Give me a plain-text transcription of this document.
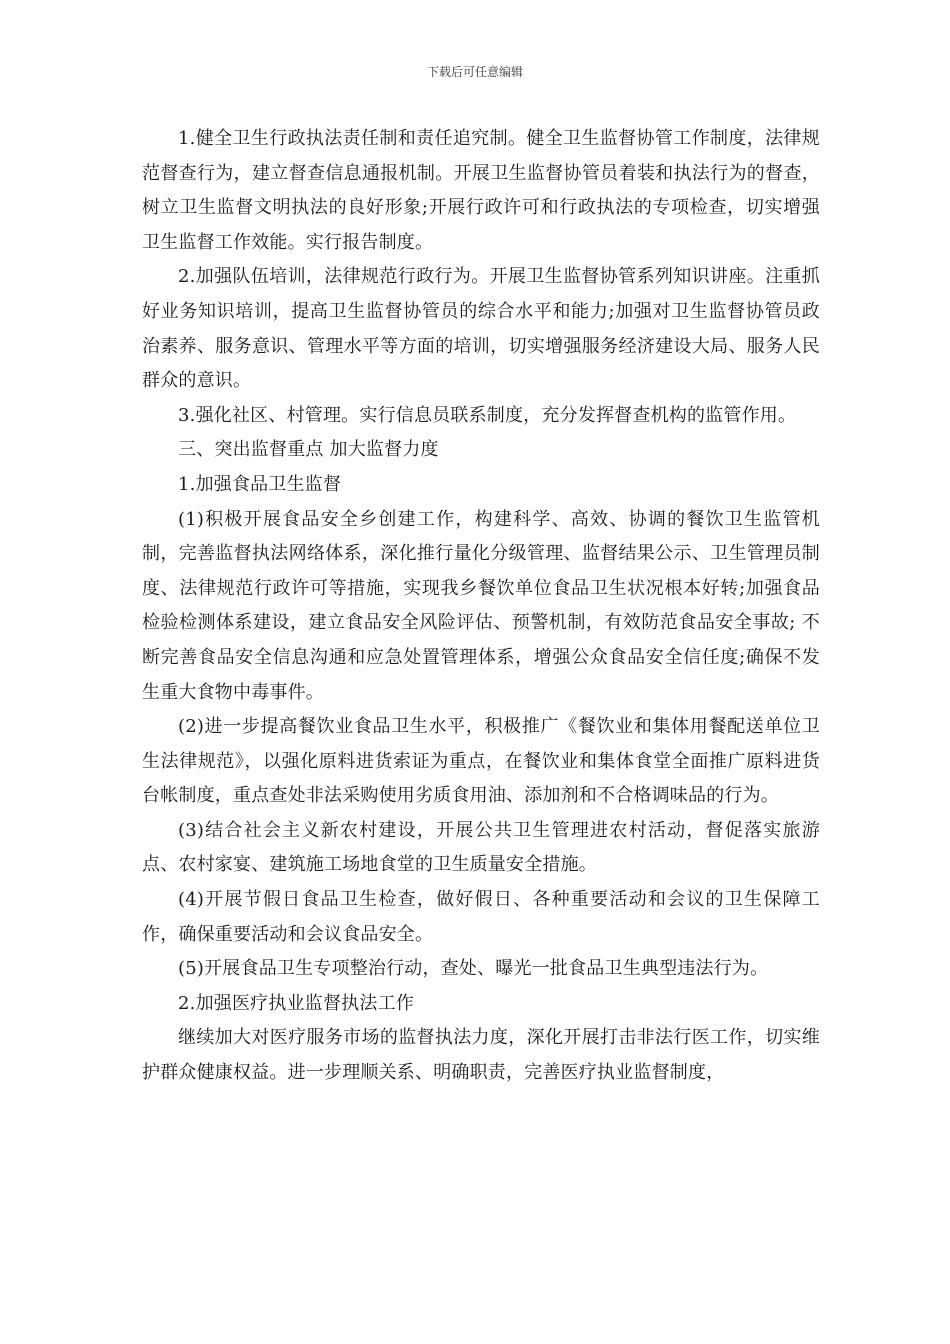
下载后可任意编辑

1.健全卫生行政执法责任制和责任追究制。健全卫生监督协管工作制度，法律规范督查行为，建立督查信息通报机制。开展卫生监督协管员着装和执法行为的督查，树立卫生监督文明执法的良好形象;开展行政许可和行政执法的专项检查，切实增强卫生监督工作效能。实行报告制度。

2.加强队伍培训，法律规范行政行为。开展卫生监督协管系列知识讲座。注重抓好业务知识培训，提高卫生监督协管员的综合水平和能力;加强对卫生监督协管员政治素养、服务意识、管理水平等方面的培训，切实增强服务经济建设大局、服务人民群众的意识。

3.强化社区、村管理。实行信息员联系制度，充分发挥督查机构的监管作用。

三、突出监督重点 加大监督力度

1.加强食品卫生监督

(1)积极开展食品安全乡创建工作，构建科学、高效、协调的餐饮卫生监管机制，完善监督执法网络体系，深化推行量化分级管理、监督结果公示、卫生管理员制度、法律规范行政许可等措施，实现我乡餐饮单位食品卫生状况根本好转;加强食品检验检测体系建设，建立食品安全风险评估、预警机制，有效防范食品安全事故; 不断完善食品安全信息沟通和应急处置管理体系，增强公众食品安全信任度;确保不发生重大食物中毒事件。

(2)进一步提高餐饮业食品卫生水平，积极推广《餐饮业和集体用餐配送单位卫生法律规范》，以强化原料进货索证为重点，在餐饮业和集体食堂全面推广原料进货台帐制度，重点查处非法采购使用劣质食用油、添加剂和不合格调味品的行为。

(3)结合社会主义新农村建设，开展公共卫生管理进农村活动，督促落实旅游点、农村家宴、建筑施工场地食堂的卫生质量安全措施。

(4)开展节假日食品卫生检查，做好假日、各种重要活动和会议的卫生保障工作，确保重要活动和会议食品安全。

(5)开展食品卫生专项整治行动，查处、曝光一批食品卫生典型违法行为。

2.加强医疗执业监督执法工作

继续加大对医疗服务市场的监督执法力度，深化开展打击非法行医工作，切实维护群众健康权益。进一步理顺关系、明确职责，完善医疗执业监督制度，
